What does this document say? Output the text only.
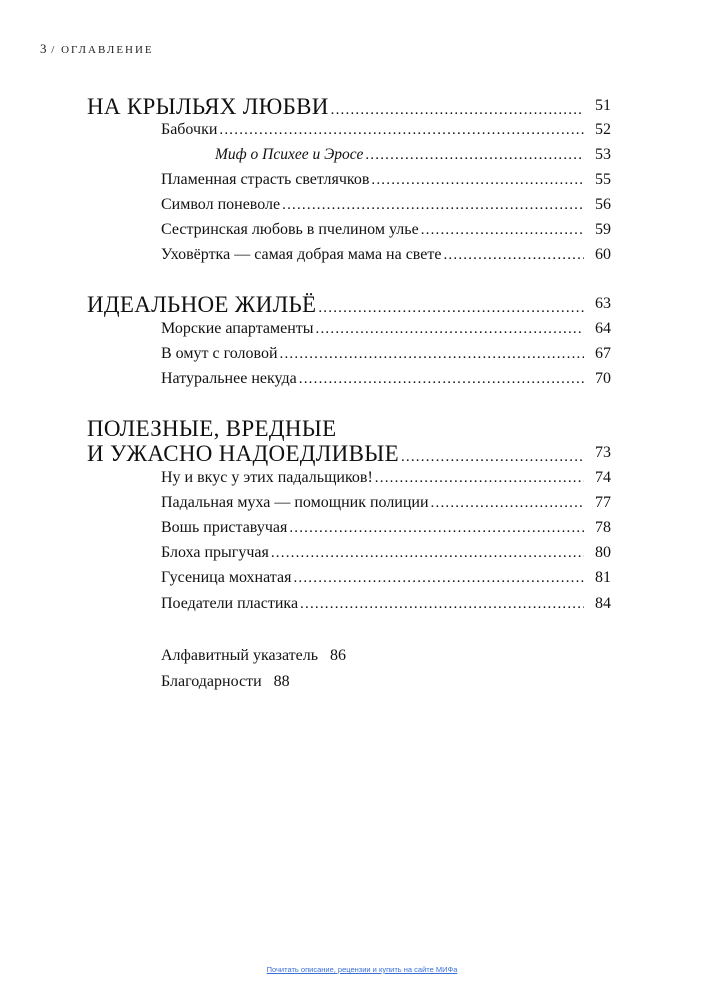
3 / ОГЛАВЛЕНИЕ
НА КРЫЛЬЯХ ЛЮБВИ .....	51
Бабочки .....	52
Миф о Психее и Эросе .....	53
Пламенная страсть светлячков .....	55
Символ поневоле .....	56
Сестринская любовь в пчелином улье .....	59
Уховёртка — самая добрая мама на свете .....	60
ИДЕАЛЬНОЕ ЖИЛЬЁ .....	63
Морские апартаменты .....	64
В омут с головой .....	67
Натуральнее некуда .....	70
ПОЛЕЗНЫЕ, ВРЕДНЫЕ
И УЖАСНО НАДОЕДЛИВЫЕ .....	73
Ну и вкус у этих падальщиков! .....	74
Падальная муха — помощник полиции .....	77
Вошь приставучая .....	78
Блоха прыгучая .....	80
Гусеница мохнатая .....	81
Поедатели пластика .....	84
Алфавитный указатель 86
Благодарности 88
Почитать описание, рецензии и купить на сайте МИФа
